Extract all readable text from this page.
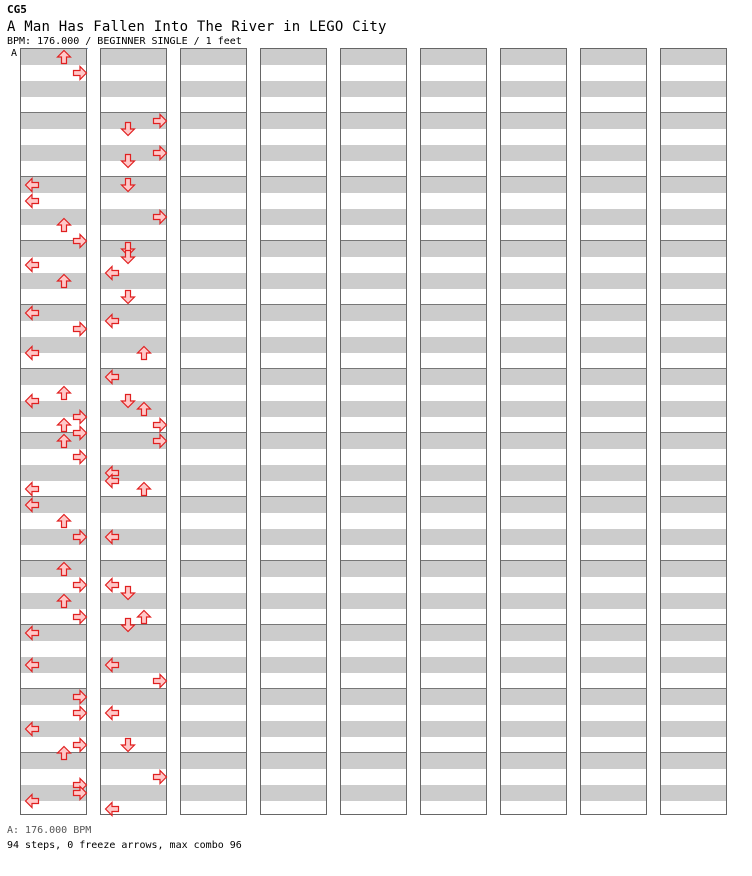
CG5
A Man Has Fallen Into The River in LEGO City
BPM: 176.000 / BEGINNER SINGLE / 1 feet
A
A: 176.000 BPM
94 steps, 0 freeze arrows, max combo 96
